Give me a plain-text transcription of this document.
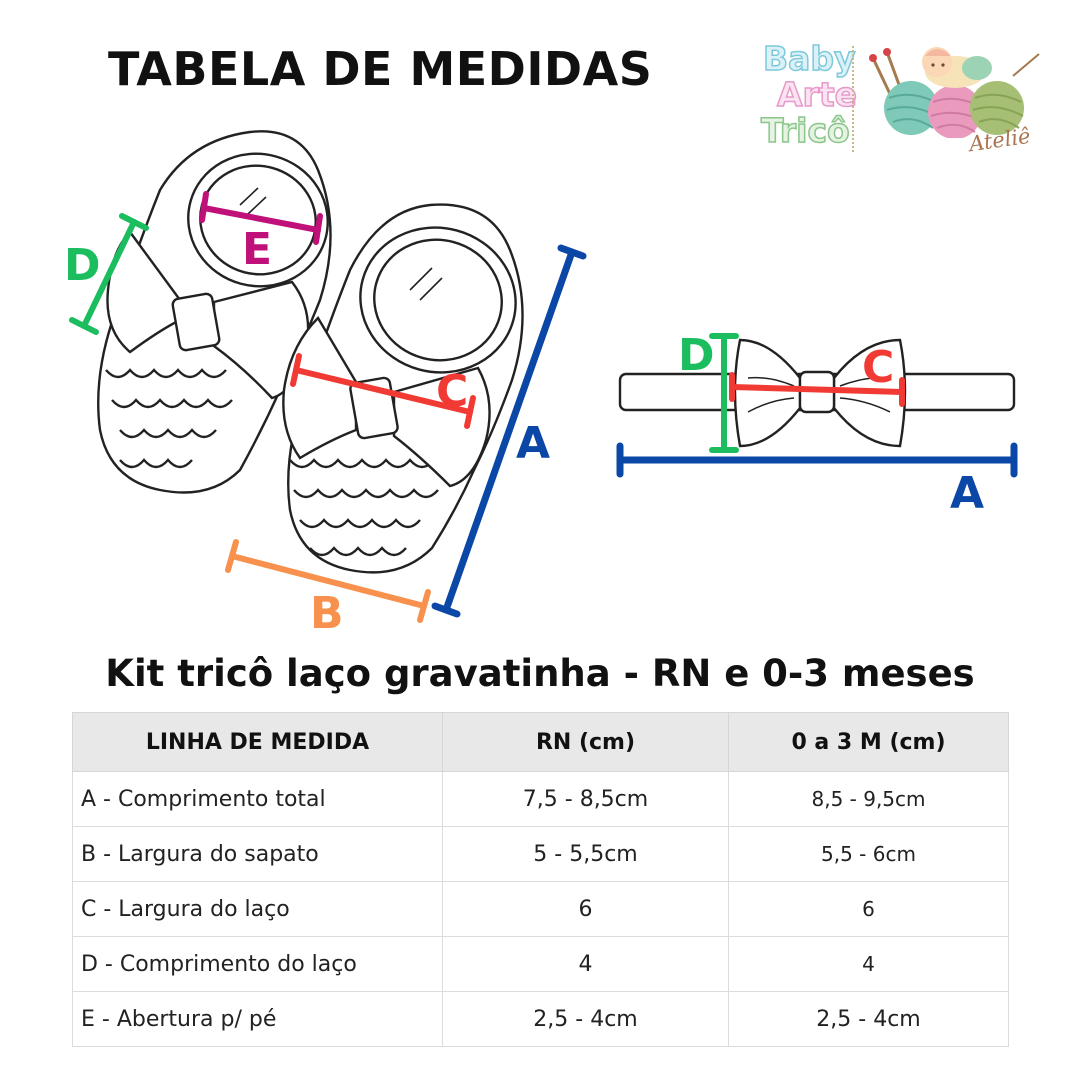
TABELA DE MEDIDAS	Baby
Arte
Tricô	Ateliê
E
D
C
B
A
D	C
A
Kit tricô laço gravatinha - RN e 0-3 meses
LINHA DE MEDIDA	RN (cm)	0 a 3 M (cm)
A - Comprimento total	7,5 - 8,5cm	8,5 - 9,5cm
B - Largura do sapato	5 - 5,5cm	5,5 - 6cm
C - Largura do laço	6	6
D - Comprimento do laço	4	4
E - Abertura p/ pé	2,5 - 4cm	2,5 - 4cm
